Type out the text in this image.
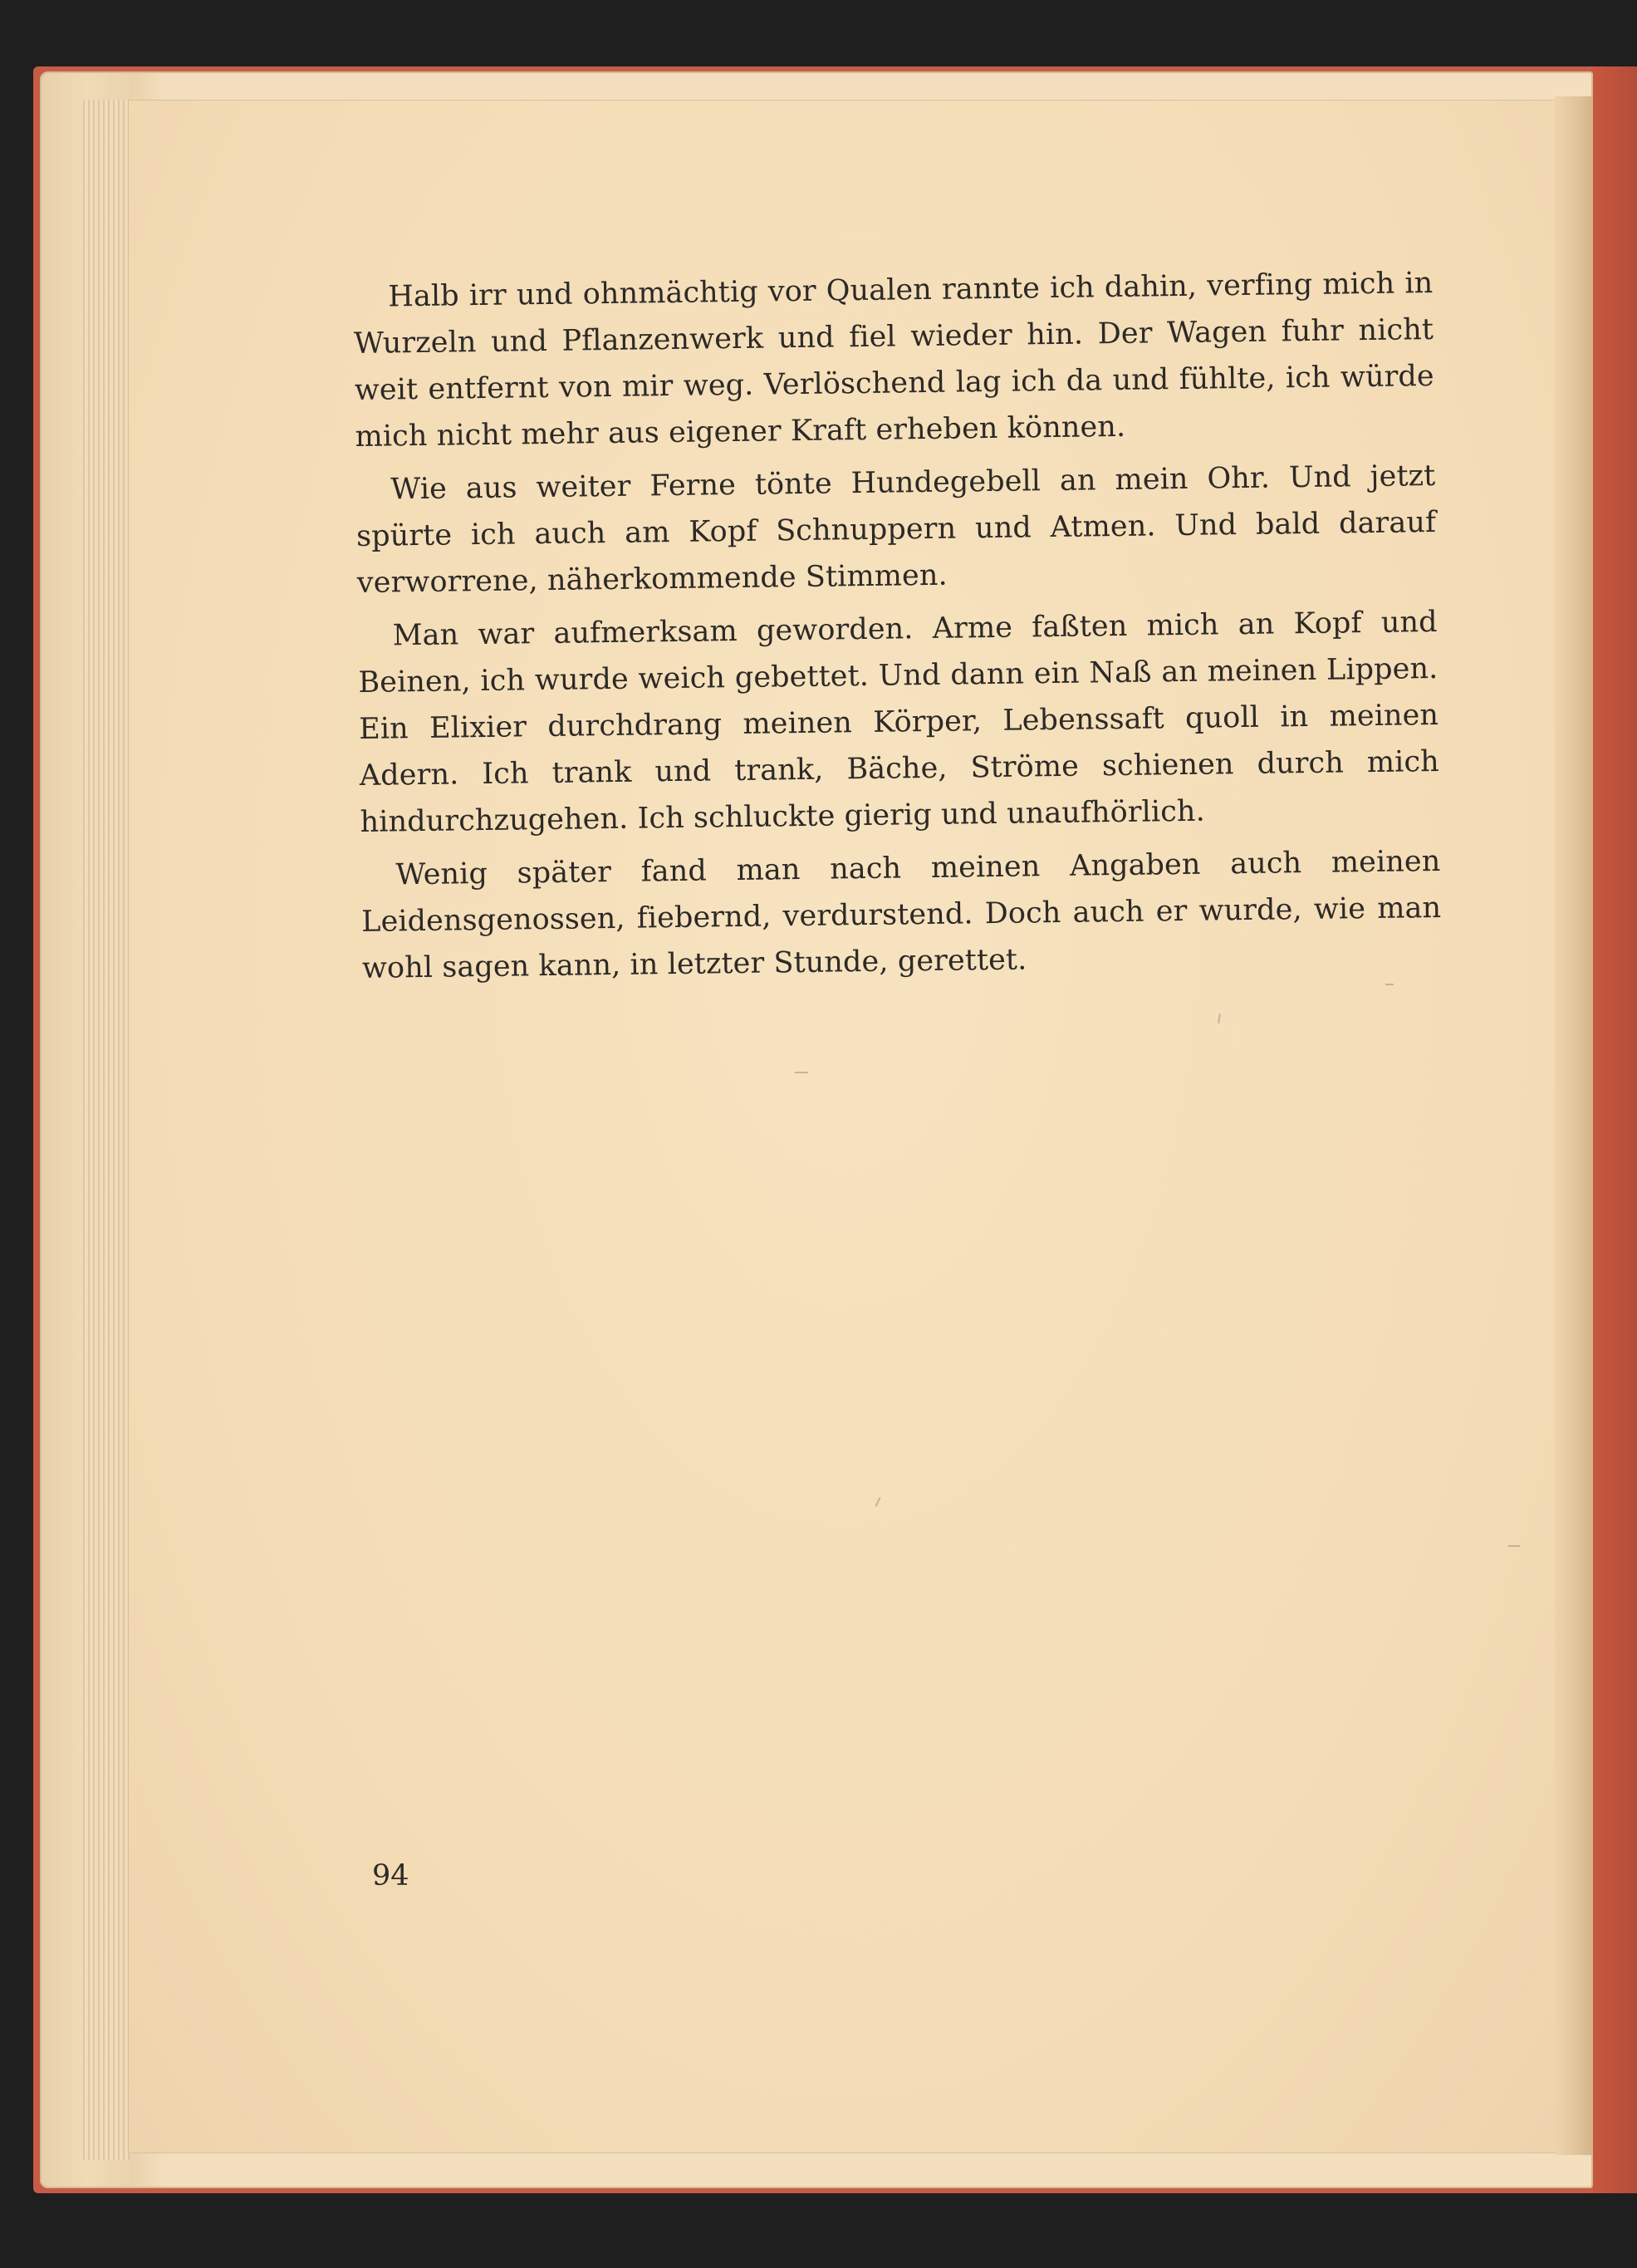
Halb irr und ohnmächtig vor Qualen rannte ich dahin, verfing mich in Wurzeln und Pflanzenwerk und fiel wieder hin. Der Wagen fuhr nicht weit entfernt von mir weg. Verlöschend lag ich da und fühlte, ich würde mich nicht mehr aus eigener Kraft erheben können.

Wie aus weiter Ferne tönte Hundegebell an mein Ohr. Und jetzt spürte ich auch am Kopf Schnuppern und Atmen. Und bald darauf verworrene, näherkommende Stimmen.

Man war aufmerksam geworden. Arme faßten mich an Kopf und Beinen, ich wurde weich gebettet. Und dann ein Naß an meinen Lippen. Ein Elixier durchdrang meinen Körper, Lebenssaft quoll in meinen Adern. Ich trank und trank, Bäche, Ströme schienen durch mich hindurchzugehen. Ich schluckte gierig und unaufhörlich.

Wenig später fand man nach meinen Angaben auch meinen Leidensgenossen, fiebernd, verdurstend. Doch auch er wurde, wie man wohl sagen kann, in letzter Stunde, gerettet.

94
